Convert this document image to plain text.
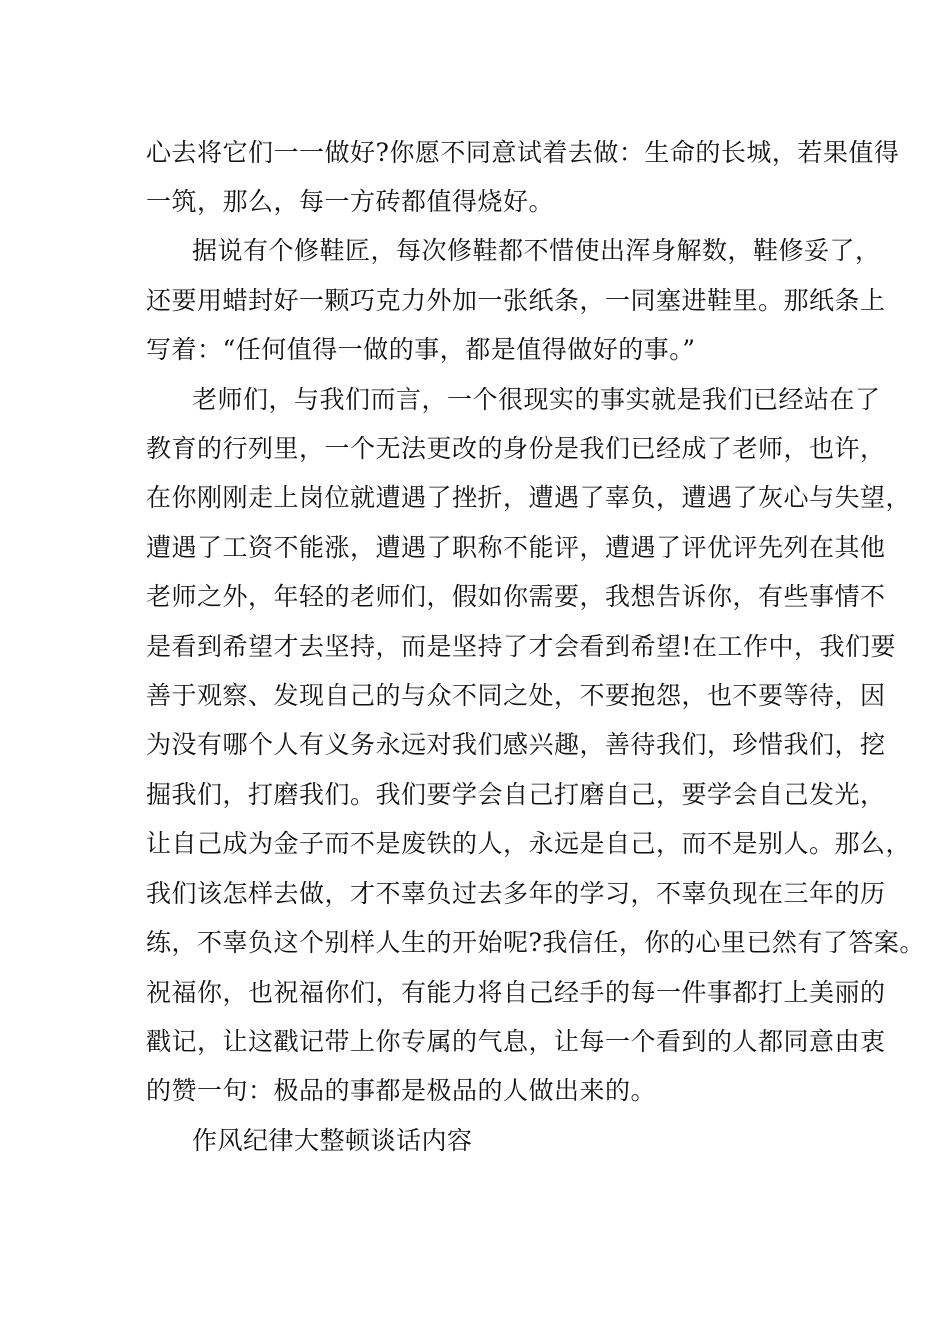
心去将它们一一做好?你愿不同意试着去做：生命的长城，若果值得
一筑，那么，每一方砖都值得烧好。
据说有个修鞋匠，每次修鞋都不惜使出浑身解数，鞋修妥了，
还要用蜡封好一颗巧克力外加一张纸条，一同塞进鞋里。那纸条上
写着：“任何值得一做的事，都是值得做好的事。”
老师们，与我们而言，一个很现实的事实就是我们已经站在了
教育的行列里，一个无法更改的身份是我们已经成了老师，也许，
在你刚刚走上岗位就遭遇了挫折，遭遇了辜负，遭遇了灰心与失望，
遭遇了工资不能涨，遭遇了职称不能评，遭遇了评优评先列在其他
老师之外，年轻的老师们，假如你需要，我想告诉你，有些事情不
是看到希望才去坚持，而是坚持了才会看到希望!在工作中，我们要
善于观察、发现自己的与众不同之处，不要抱怨，也不要等待，因
为没有哪个人有义务永远对我们感兴趣，善待我们，珍惜我们，挖
掘我们，打磨我们。我们要学会自己打磨自己，要学会自己发光，
让自己成为金子而不是废铁的人，永远是自己，而不是别人。那么，
我们该怎样去做，才不辜负过去多年的学习，不辜负现在三年的历
练，不辜负这个别样人生的开始呢?我信任，你的心里已然有了答案。
祝福你，也祝福你们，有能力将自己经手的每一件事都打上美丽的
戳记，让这戳记带上你专属的气息，让每一个看到的人都同意由衷
的赞一句：极品的事都是极品的人做出来的。
作风纪律大整顿谈话内容
